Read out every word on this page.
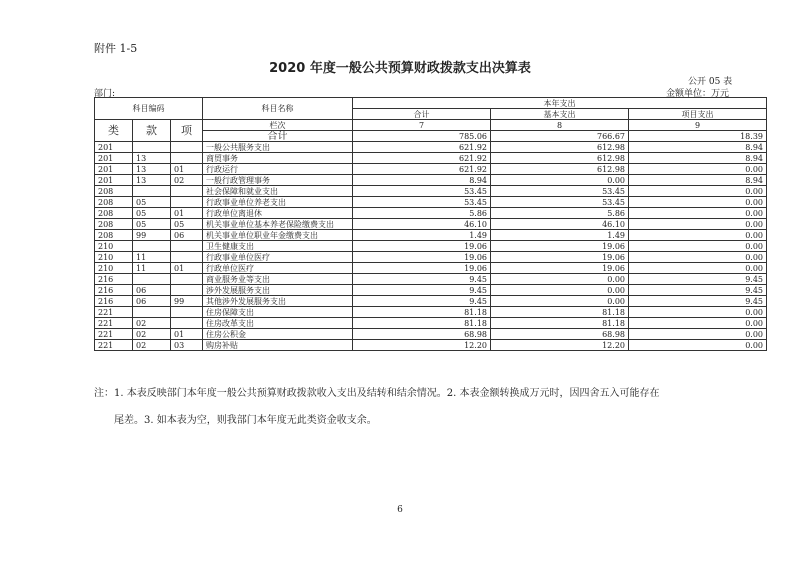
附件 1-5
2020 年度一般公共预算财政拨款支出决算表
公开 05 表
部门:	金额单位：万元
科目编码			科目名称	本年支出		
				合计	基本支出	项目支出
类	款	项	栏次	7	8	9
			合计	785.06	766.67	18.39
201			一般公共服务支出	621.92	612.98	8.94
201	13		商贸事务	621.92	612.98	8.94
201	13	01	行政运行	621.92	612.98	0.00
201	13	02	一般行政管理事务	8.94	0.00	8.94
208			社会保障和就业支出	53.45	53.45	0.00
208	05		行政事业单位养老支出	53.45	53.45	0.00
208	05	01	行政单位离退休	5.86	5.86	0.00
208	05	05	机关事业单位基本养老保险缴费支出	46.10	46.10	0.00
208	99	06	机关事业单位职业年金缴费支出	1.49	1.49	0.00
210			卫生健康支出	19.06	19.06	0.00
210	11		行政事业单位医疗	19.06	19.06	0.00
210	11	01	行政单位医疗	19.06	19.06	0.00
216			商业服务业等支出	9.45	0.00	9.45
216	06		涉外发展服务支出	9.45	0.00	9.45
216	06	99	其他涉外发展服务支出	9.45	0.00	9.45
221			住房保障支出	81.18	81.18	0.00
221	02		住房改革支出	81.18	81.18	0.00
221	02	01	住房公积金	68.98	68.98	0.00
221	02	03	购房补贴	12.20	12.20	0.00
注：1. 本表反映部门本年度一般公共预算财政拨款收入支出及结转和结余情况。2. 本表金额转换成万元时，因四舍五入可能存在
尾差。3. 如本表为空，则我部门本年度无此类资金收支余。
6
